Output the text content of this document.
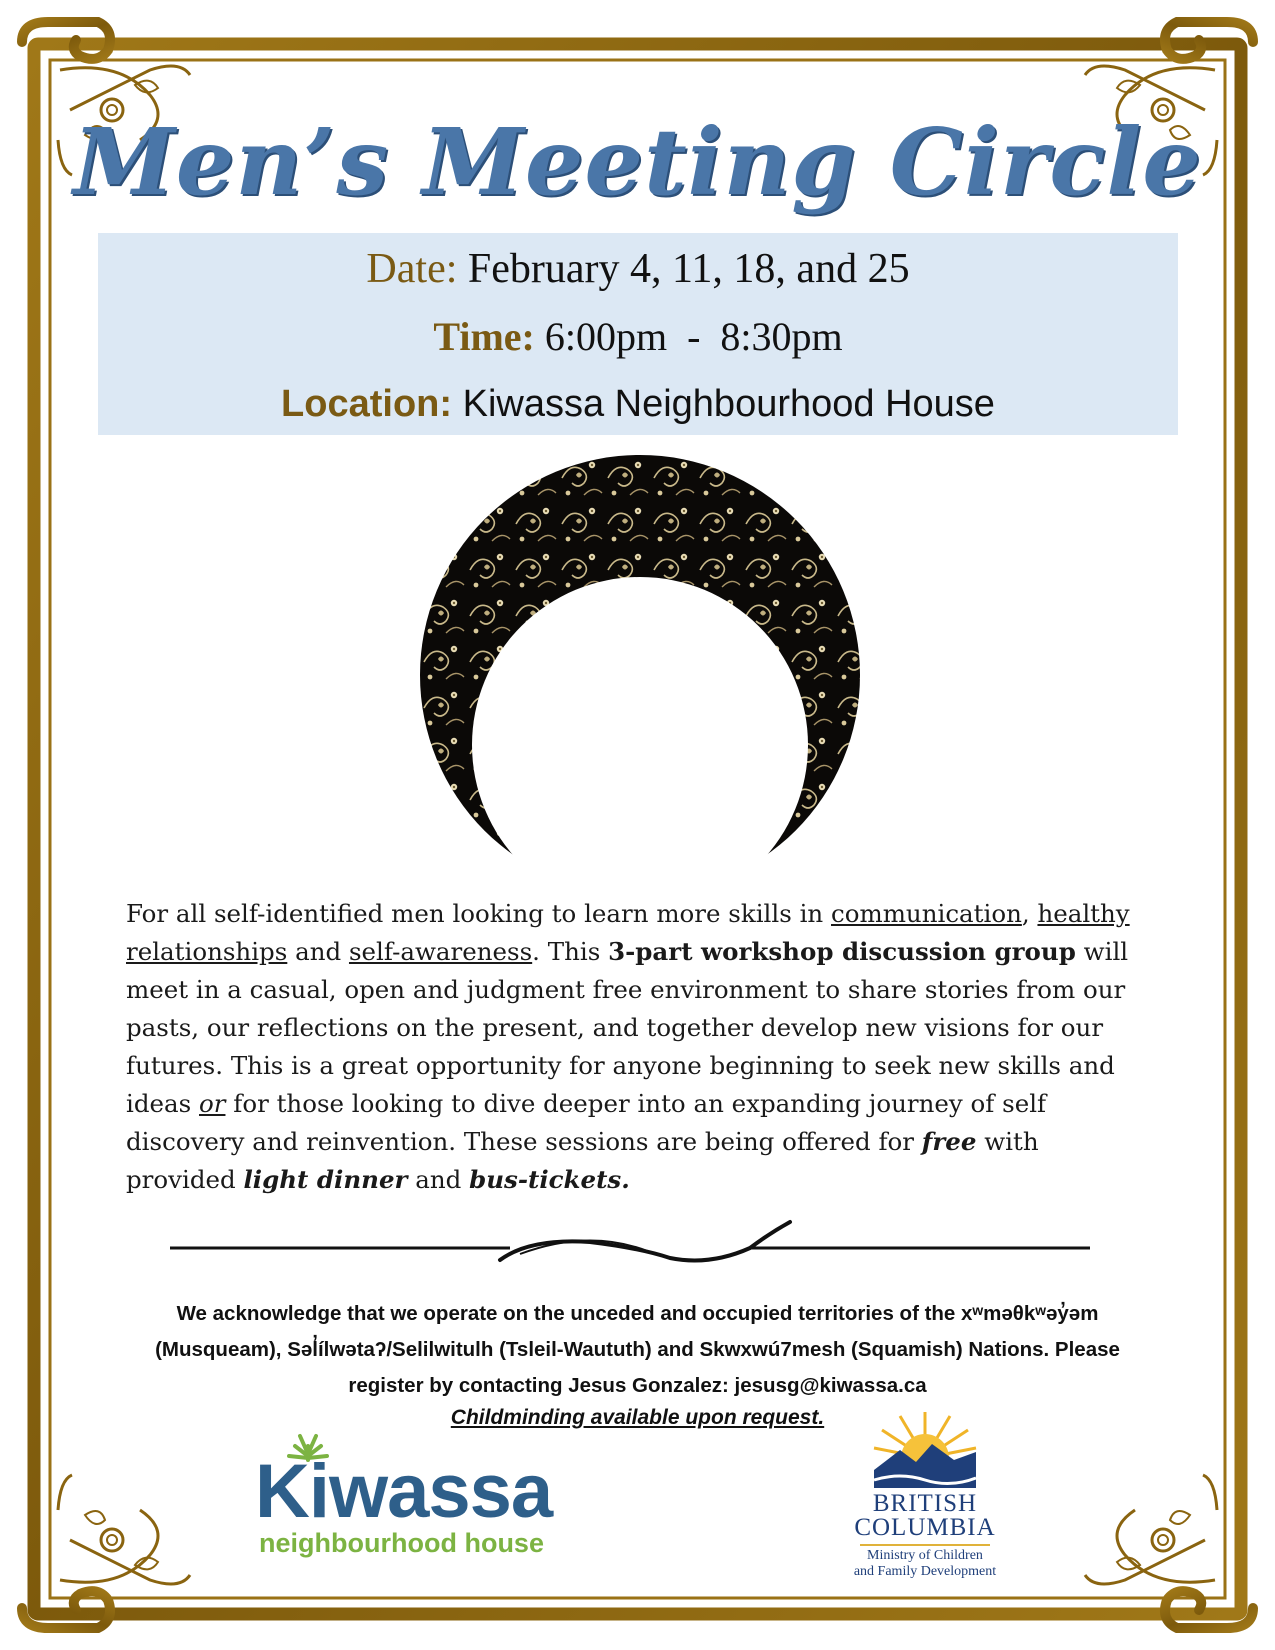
Men’s Meeting Circle
Date: February 4, 11, 18, and 25
Time: 6:00pm  -  8:30pm
Location: Kiwassa Neighbourhood House
For all self-identified men looking to learn more skills in communication, healthy relationships and self-awareness. This 3-part workshop discussion group will meet in a casual, open and judgment free environment to share stories from our pasts, our reflections on the present, and together develop new visions for our futures. This is a great opportunity for anyone beginning to seek new skills and ideas or for those looking to dive deeper into an expanding journey of self discovery and reinvention. These sessions are being offered for free with provided light dinner and bus-tickets.
We acknowledge that we operate on the unceded and occupied territories of the xʷməθkʷəy̓əm
(Musqueam), Səl̓ílwətaʔ/Selilwitulh (Tsleil-Waututh) and Skwxwú7mesh (Squamish) Nations. Please
register by contacting Jesus Gonzalez: jesusg@kiwassa.ca
Childminding available upon request.
Kiwassa
neighbourhood house
BRITISH
COLUMBIA
Ministry of Children
and Family Development
